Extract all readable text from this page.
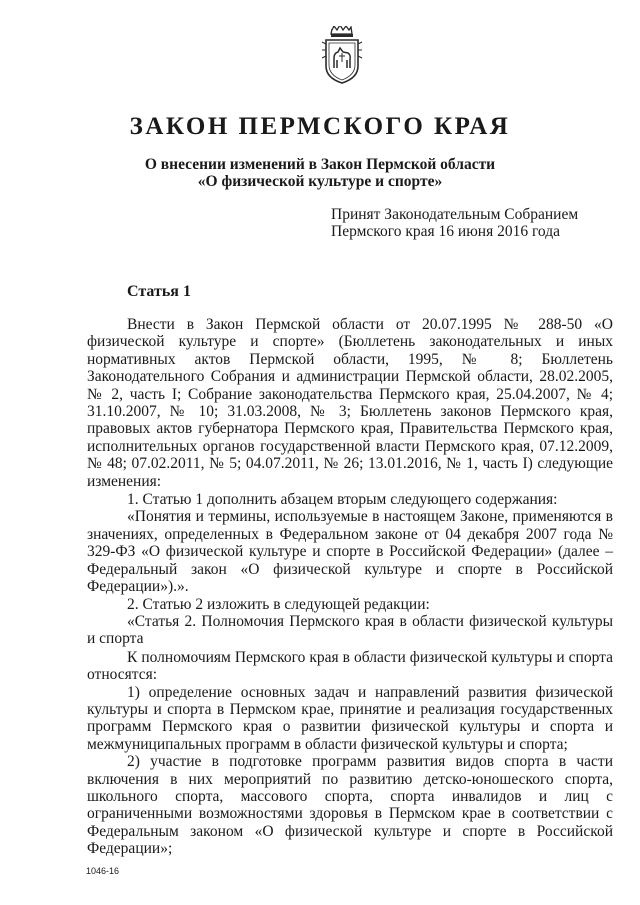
ЗАКОН ПЕРМСКОГО КРАЯ
О внесении изменений в Закон Пермской области
«О физической культуре и спорте»
Принят Законодательным Собранием
Пермского края 16 июня 2016 года
Статья 1

Внести в Закон Пермской области от 20.07.1995 № 288-50 «О физической культуре и спорте» (Бюллетень законодательных и иных нормативных актов Пермской области, 1995, № 8; Бюллетень Законодательного Собрания и администрации Пермской области, 28.02.2005, № 2, часть I; Собрание законодательства Пермского края, 25.04.2007, № 4; 31.10.2007, № 10; 31.03.2008, № 3; Бюллетень законов Пермского края, правовых актов губернатора Пермского края, Правительства Пермского края, исполнительных органов государственной власти Пермского края, 07.12.2009, № 48; 07.02.2011, № 5; 04.07.2011, № 26; 13.01.2016, № 1, часть I) следующие изменения:

1. Статью 1 дополнить абзацем вторым следующего содержания:

«Понятия и термины, используемые в настоящем Законе, применяются в значениях, определенных в Федеральном законе от 04 декабря 2007 года № 329-ФЗ «О физической культуре и спорте в Российской Федерации» (далее – Федеральный закон «О физической культуре и спорте в Российской Федерации»).».

2. Статью 2 изложить в следующей редакции:

«Статья 2. Полномочия Пермского края в области физической культуры и спорта

К полномочиям Пермского края в области физической культуры и спорта относятся:

1) определение основных задач и направлений развития физической культуры и спорта в Пермском крае, принятие и реализация государственных программ Пермского края о развитии физической культуры и спорта и межмуниципальных программ в области физической культуры и спорта;

2) участие в подготовке программ развития видов спорта в части включения в них мероприятий по развитию детско-юношеского спорта, школьного спорта, массового спорта, спорта инвалидов и лиц с ограниченными возможностями здоровья в Пермском крае в соответствии с Федеральным законом «О физической культуре и спорте в Российской Федерации»;

1046-16
